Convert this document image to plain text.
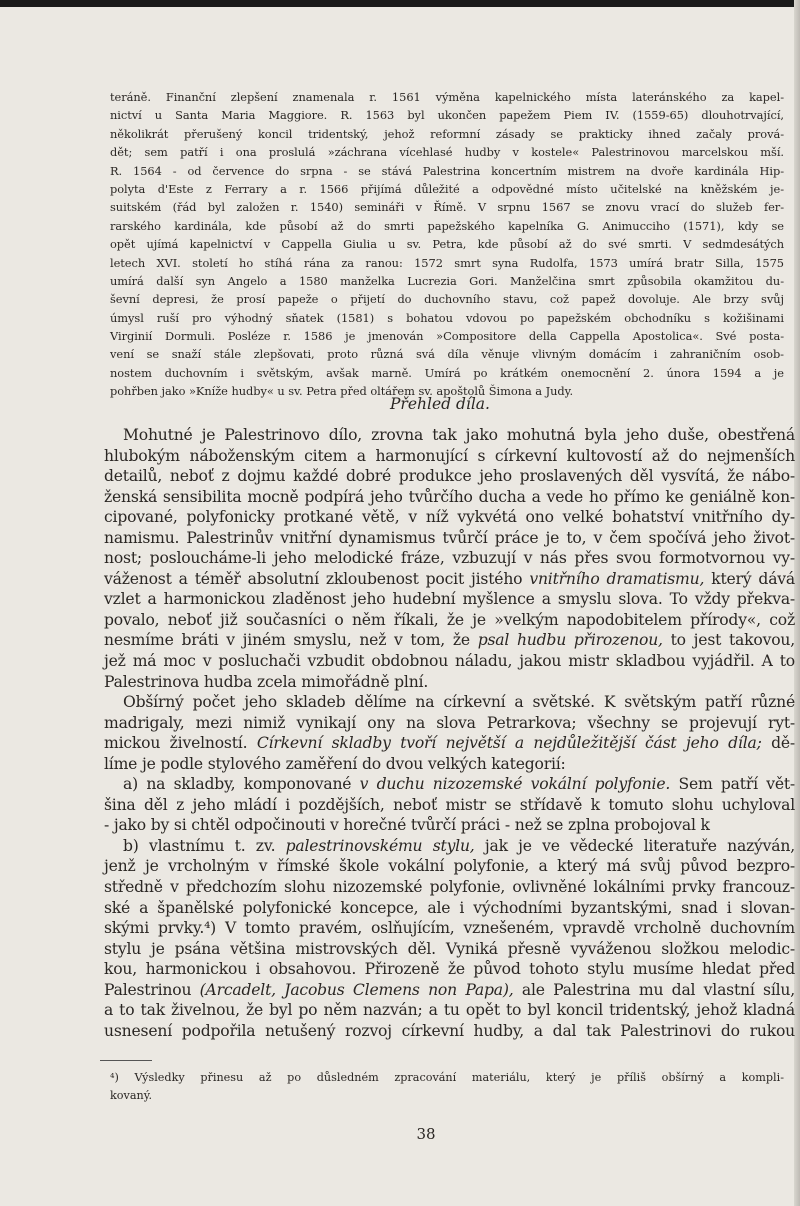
teráně. Finanční zlepšení znamenala r. 1561 výměna kapelnického místa lateránského za kapel-
nictví u Santa Maria Maggiore. R. 1563 byl ukončen papežem Piem IV. (1559-65) dlouhotrvající,
několikrát přerušený koncil tridentský, jehož reformní zásady se prakticky ihned začaly prová-
dět; sem patří i ona proslulá »záchrana vícehlasé hudby v kostele« Palestrinovou marcelskou mší.
R. 1564 - od července do srpna - se stává Palestrina koncertním mistrem na dvoře kardinála Hip-
polyta d'Este z Ferrary a r. 1566 přijímá důležité a odpovědné místo učitelské na kněžském je-
suitském (řád byl založen r. 1540) semináři v Římě. V srpnu 1567 se znovu vrací do služeb fer-
rarského kardinála, kde působí až do smrti papežského kapelníka G. Animucciho (1571), kdy se
opět ujímá kapelnictví v Cappella Giulia u sv. Petra, kde působí až do své smrti. V sedmdesátých
letech XVI. století ho stíhá rána za ranou: 1572 smrt syna Rudolfa, 1573 umírá bratr Silla, 1575
umírá další syn Angelo a 1580 manželka Lucrezia Gori. Manželčina smrt způsobila okamžitou du-
ševní depresi, že prosí papeže o přijetí do duchovního stavu, což papež dovoluje. Ale brzy svůj
úmysl ruší pro výhodný sňatek (1581) s bohatou vdovou po papežském obchodníku s kožišinami
Virginií Dormuli. Posléze r. 1586 je jmenován »Compositore della Cappella Apostolica«. Své posta-
vení se snaží stále zlepšovati, proto různá svá díla věnuje vlivným domácím i zahraničním osob-
nostem duchovním i světským, avšak marně. Umírá po krátkém onemocnění 2. února 1594 a je
pohřben jako »Kníže hudby« u sv. Petra před oltářem sv. apoštolů Šimona a Judy.
Přehled díla.
Mohutné je Palestrinovo dílo, zrovna tak jako mohutná byla jeho duše, obestřená
hlubokým náboženským citem a harmonující s církevní kultovostí až do nejmenších
detailů, neboť z dojmu každé dobré produkce jeho proslavených děl vysvítá, že nábo-
ženská sensibilita mocně podpírá jeho tvůrčího ducha a vede ho přímo ke geniálně kon-
cipované, polyfonicky protkané větě, v níž vykvétá ono velké bohatství vnitřního dy-
namismu. Palestrinův vnitřní dynamismus tvůrčí práce je to, v čem spočívá jeho život-
nost; posloucháme-li jeho melodické fráze, vzbuzují v nás přes svou formotvornou vy-
váženost a téměř absolutní zkloubenost pocit jistého vnitřního dramatismu, který dává
vzlet a harmonickou zladěnost jeho hudební myšlence a smyslu slova. To vždy překva-
povalo, neboť již současníci o něm říkali, že je »velkým napodobitelem přírody«, což
nesmíme bráti v jiném smyslu, než v tom, že psal hudbu přirozenou, to jest takovou,
jež má moc v posluchači vzbudit obdobnou náladu, jakou mistr skladbou vyjádřil. A to
Palestrinova hudba zcela mimořádně plní.
Obšírný počet jeho skladeb dělíme na církevní a světské. K světským patří různé
madrigaly, mezi nimiž vynikají ony na slova Petrarkova; všechny se projevují ryt-
mickou živelností. Církevní skladby tvoří největší a nejdůležitější část jeho díla; dě-
líme je podle stylového zaměření do dvou velkých kategorií:
a) na skladby, komponované v duchu nizozemské vokální polyfonie. Sem patří vět-
šina děl z jeho mládí i pozdějších, neboť mistr se střídavě k tomuto slohu uchyloval
- jako by si chtěl odpočinouti v horečné tvůrčí práci - než se zplna probojoval k
b) vlastnímu t. zv. palestrinovskému stylu, jak je ve vědecké literatuře nazýván,
jenž je vrcholným v římské škole vokální polyfonie, a který má svůj původ bezpro-
středně v předchozím slohu nizozemské polyfonie, ovlivněné lokálními prvky francouz-
ské a španělské polyfonické koncepce, ale i východními byzantskými, snad i slovan-
skými prvky.⁴) V tomto pravém, oslňujícím, vznešeném, vpravdě vrcholně duchovním
stylu je psána většina mistrovských děl. Vyniká přesně vyváženou složkou melodic-
kou, harmonickou i obsahovou. Přirozeně že původ tohoto stylu musíme hledat před
Palestrinou (Arcadelt, Jacobus Clemens non Papa), ale Palestrina mu dal vlastní sílu,
a to tak živelnou, že byl po něm nazván; a tu opět to byl koncil tridentský, jehož kladná
usnesení podpořila netušený rozvoj církevní hudby, a dal tak Palestrinovi do rukou
⁴) Výsledky přinesu až po důsledném zpracování materiálu, který je příliš obšírný a kompli-
kovaný.
38
